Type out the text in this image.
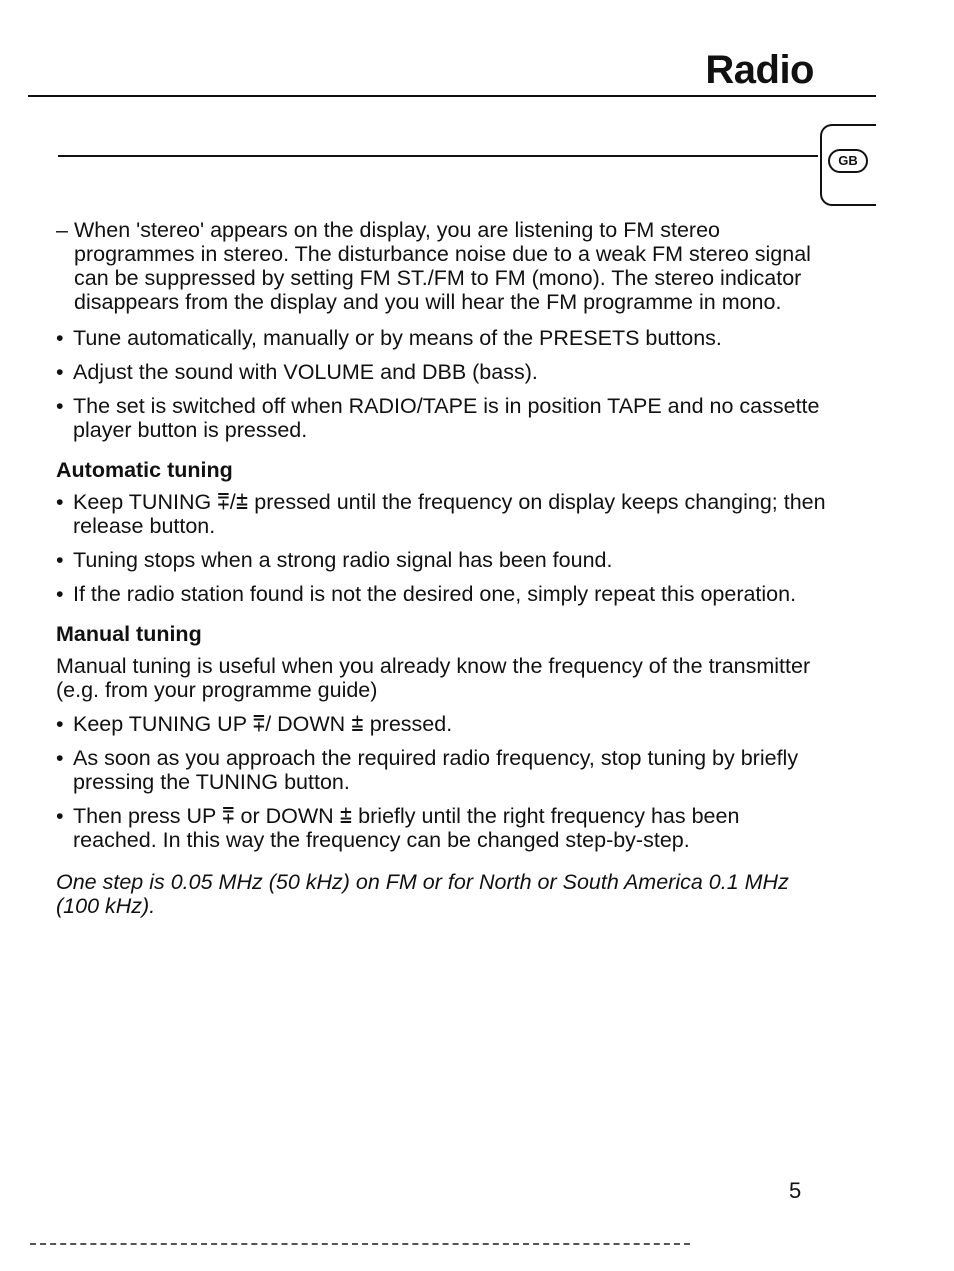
Radio
GB
– When 'stereo' appears on the display, you are listening to FM stereo programmes in stereo. The disturbance noise due to a weak FM stereo signal can be suppressed by setting FM ST./FM to FM (mono). The stereo indicator disappears from the display and you will hear the FM programme in mono.
• Tune automatically, manually or by means of the PRESETS buttons.
• Adjust the sound with VOLUME and DBB (bass).
• The set is switched off when RADIO/TAPE is in position TAPE and no cassette player button is pressed.
Automatic tuning
• Keep TUNING ⩱/⩲ pressed until the frequency on display keeps changing; then release button.
• Tuning stops when a strong radio signal has been found.
• If the radio station found is not the desired one, simply repeat this operation.
Manual tuning
Manual tuning is useful when you already know the frequency of the transmitter (e.g. from your programme guide)
• Keep TUNING UP ⩱/ DOWN ⩲ pressed.
• As soon as you approach the required radio frequency, stop tuning by briefly pressing the TUNING button.
• Then press UP ⩱ or DOWN ⩲ briefly until the right frequency has been reached. In this way the frequency can be changed step-by-step.
One step is 0.05 MHz (50 kHz) on FM or for North or South America 0.1 MHz (100 kHz).
5
